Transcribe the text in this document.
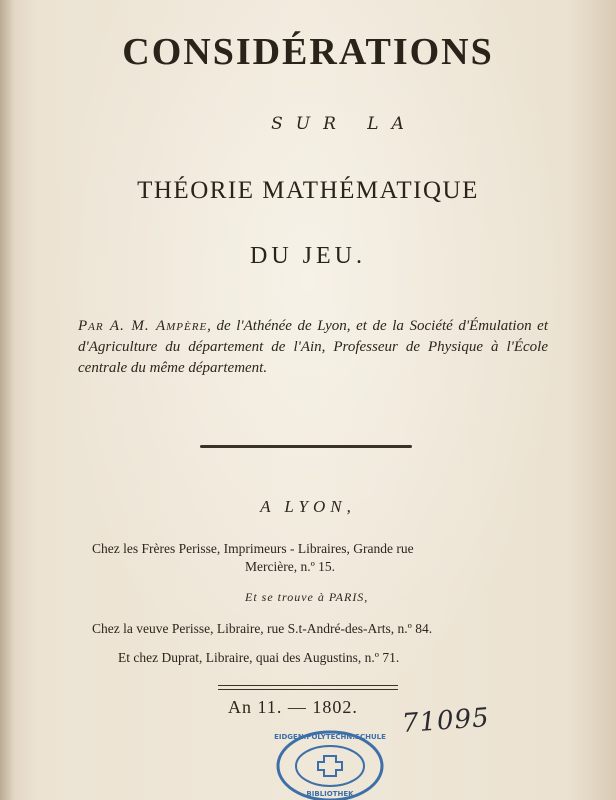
CONSIDÉRATIONS
SUR LA
THÉORIE MATHÉMATIQUE
DU JEU.
Par A. M. Ampère, de l'Athénée de Lyon, et de la Société d'Émulation et d'Agriculture du département de l'Ain, Professeur de Physique à l'École centrale du même département.
A LYON,
Chez les Frères Perisse, Imprimeurs - Libraires, Grande rue
Mercière, n.º 15.
Et se trouve à PARIS,
Chez la veuve Perisse, Libraire, rue S.t-André-des-Arts, n.º 84.
Et chez Duprat, Libraire, quai des Augustins, n.º 71.
An 11. — 1802. 71095
EIDGEN.POLYTECHN.SCHULE
BIBLIOTHEK
